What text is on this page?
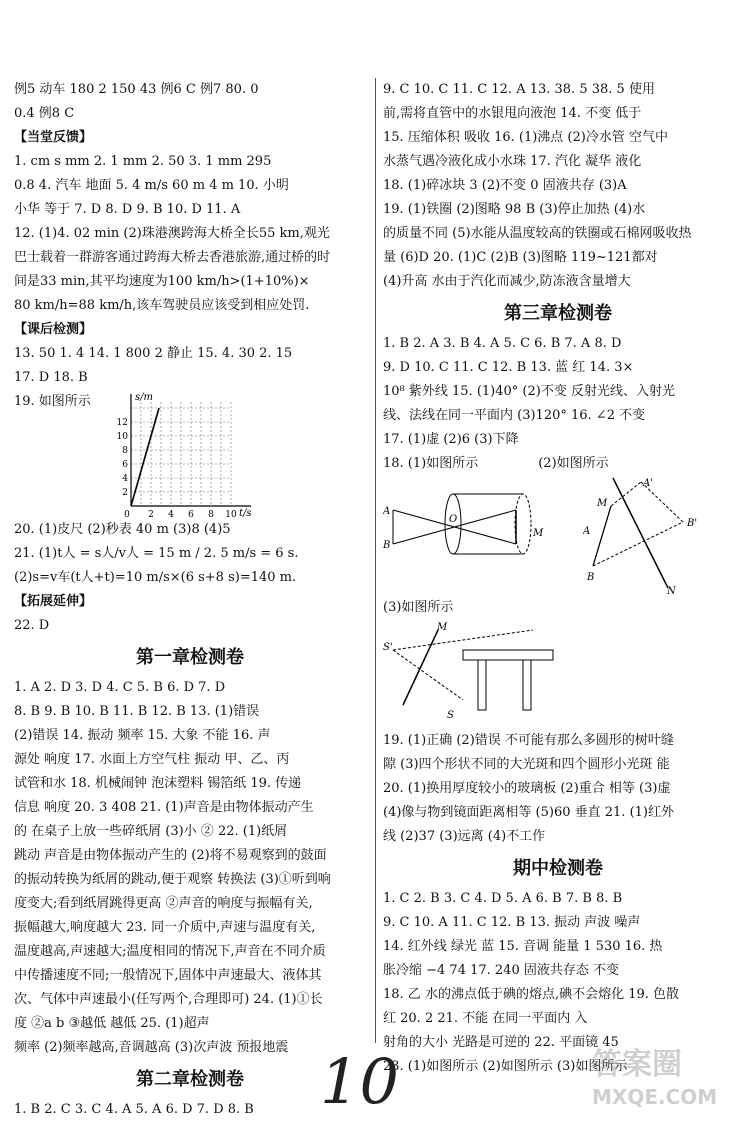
例5 动车 180 2 150 43 例6 C 例7 80. 0
0.4 例8 C
【当堂反馈】
1. cm s mm 2. 1 mm 2. 50 3. 1 mm 295
0.8 4. 汽车 地面 5. 4 m/s 60 m 4 m 10. 小明
小华 等于 7. D 8. D 9. B 10. D 11. A
12. (1)4. 02 min (2)珠港澳跨海大桥全长55 km,观光
巴士载着一群游客通过跨海大桥去香港旅游,通过桥的时
间是33 min,其平均速度为100 km/h>(1+10%)×
80 km/h=88 km/h,该车驾驶员应该受到相应处罚.
【课后检测】
13. 50 1. 4 14. 1 800 2 静止 15. 4. 30 2. 15
17. D 18. B
19. 如图所示	s/m
t/s
2
4
6
8
10
12
0 2 4 6 8 10
20. (1)皮尺 (2)秒表 40 m (3)8 (4)5
21. (1)t人 = s人/v人 = 15 m / 2. 5 m/s = 6 s.
(2)s=v车(t人+t)=10 m/s×(6 s+8 s)=140 m.
【拓展延伸】
22. D
第一章检测卷
1. A 2. D 3. D 4. C 5. B 6. D 7. D
8. B 9. B 10. B 11. B 12. B 13. (1)错误
(2)错误 14. 振动 频率 15. 大象 不能 16. 声
源处 响度 17. 水面上方空气柱 振动 甲、乙、丙
试管和水 18. 机械闹钟 泡沫塑料 锡箔纸 19. 传递
信息 响度 20. 3 408 21. (1)声音是由物体振动产生
的 在桌子上放一些碎纸屑 (3)小 ② 22. (1)纸屑
跳动 声音是由物体振动产生的 (2)将不易观察到的鼓面
的振动转换为纸屑的跳动,便于观察 转换法 (3)①听到响
度变大;看到纸屑跳得更高 ②声音的响度与振幅有关,
振幅越大,响度越大 23. 同一介质中,声速与温度有关,
温度越高,声速越大;温度相同的情况下,声音在不同介质
中传播速度不同;一般情况下,固体中声速最大、液体其
次、气体中声速最小(任写两个,合理即可) 24. (1)①长
度 ②a b ③越低 越低 25. (1)超声
频率 (2)频率越高,音调越高 (3)次声波 预报地震
第二章检测卷
1. B 2. C 3. C 4. A 5. A 6. D 7. D 8. B
9. C 10. C 11. C 12. A 13. 38. 5 38. 5 使用
前,需将直管中的水银甩向液泡 14. 不变 低于
15. 压缩体积 吸收 16. (1)沸点 (2)冷水管 空气中
水蒸气遇冷液化成小水珠 17. 汽化 凝华 液化
18. (1)碎冰块 3 (2)不变 0 固液共存 (3)A
19. (1)铁圈 (2)图略 98 B (3)停止加热 (4)水
的质量不同 (5)水能从温度较高的铁圈或石棉网吸收热
量 (6)D 20. (1)C (2)B (3)图略 119~121都对
(4)升高 水由于汽化而减少,防冻液含量增大
第三章检测卷
1. B 2. A 3. B 4. A 5. C 6. B 7. A 8. D
9. D 10. C 11. C 12. B 13. 蓝 红 14. 3×
10⁸ 紫外线 15. (1)40° (2)不变 反射光线、入射光
线、法线在同一平面内 (3)120° 16. ∠2 不变
17. (1)虚 (2)6 (3)下降
18. (1)如图所示	(2)如图所示
A
B
O
M
M
A'
A
B'
B
N
(3)如图所示
M
S'
S
19. (1)正确 (2)错误 不可能有那么多圆形的树叶缝
隙 (3)四个形状不同的大光斑和四个圆形小光斑 能
20. (1)换用厚度较小的玻璃板 (2)重合 相等 (3)虚
(4)像与物到镜面距离相等 (5)60 垂直 21. (1)红外
线 (2)37 (3)远离 (4)不工作
期中检测卷
1. C 2. B 3. C 4. D 5. A 6. B 7. B 8. B
9. C 10. A 11. C 12. B 13. 振动 声波 噪声
14. 红外线 绿光 蓝 15. 音调 能量 1 530 16. 热
胀冷缩 −4 74 17. 240 固液共存态 不变
18. 乙 水的沸点低于碘的熔点,碘不会熔化 19. 色散
红 20. 2 21. 不能 在同一平面内 入
射角的大小 光路是可逆的 22. 平面镜 45
23. (1)如图所示 (2)如图所示 (3)如图所示
10	答案圈
MXQE.COM
